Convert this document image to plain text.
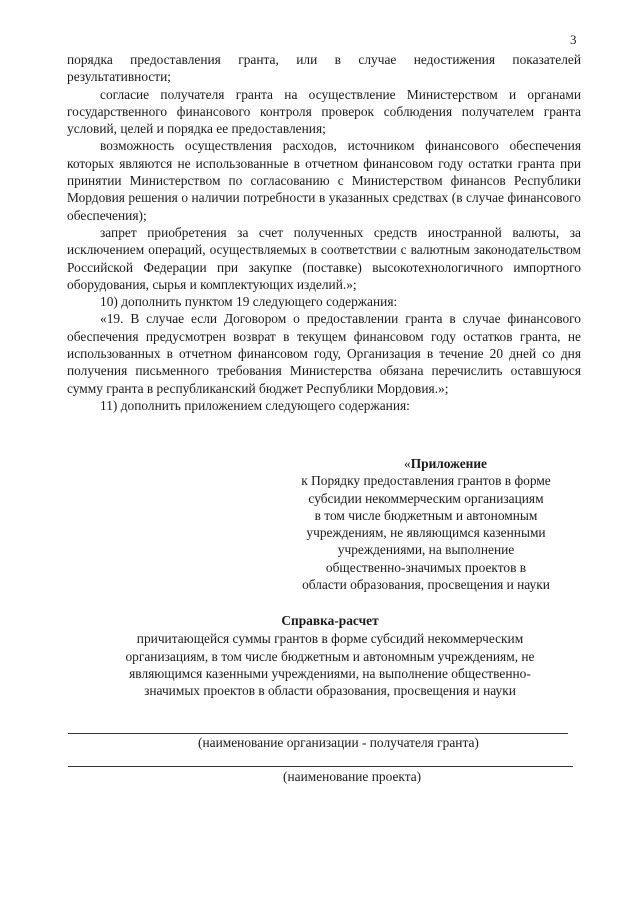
3

порядка предоставления гранта, или в случае недостижения показателей результативности;

согласие получателя гранта на осуществление Министерством и органами государственного финансового контроля проверок соблюдения получателем гранта условий, целей и порядка ее предоставления;

возможность осуществления расходов, источником финансового обеспечения которых являются не использованные в отчетном финансовом году остатки гранта при принятии Министерством по согласованию с Министерством финансов Республики Мордовия решения о наличии потребности в указанных средствах (в случае финансового обеспечения);

запрет приобретения за счет полученных средств иностранной валюты, за исключением операций, осуществляемых в соответствии с валютным законодательством Российской Федерации при закупке (поставке) высокотехнологичного импортного оборудования, сырья и комплектующих изделий.»;

10) дополнить пунктом 19 следующего содержания:

«19. В случае если Договором о предоставлении гранта в случае финансового обеспечения предусмотрен возврат в текущем финансовом году остатков гранта, не использованных в отчетном финансовом году, Организация в течение 20 дней со дня получения письменного требования Министерства обязана перечислить оставшуюся сумму гранта в республиканский бюджет Республики Мордовия.»;

11) дополнить приложением следующего содержания:

«Приложение
к Порядку предоставления грантов в форме
субсидии некоммерческим организациям
в том числе бюджетным и автономным
учреждениям, не являющимся казенными
учреждениями, на выполнение
общественно-значимых проектов в
области образования, просвещения и науки
Справка-расчет
причитающейся суммы грантов в форме субсидий некоммерческим
организациям, в том числе бюджетным и автономным учреждениям, не
являющимся казенными учреждениями, на выполнение общественно-
значимых проектов в области образования, просвещения и науки
(наименование организации - получателя гранта)
(наименование проекта)
